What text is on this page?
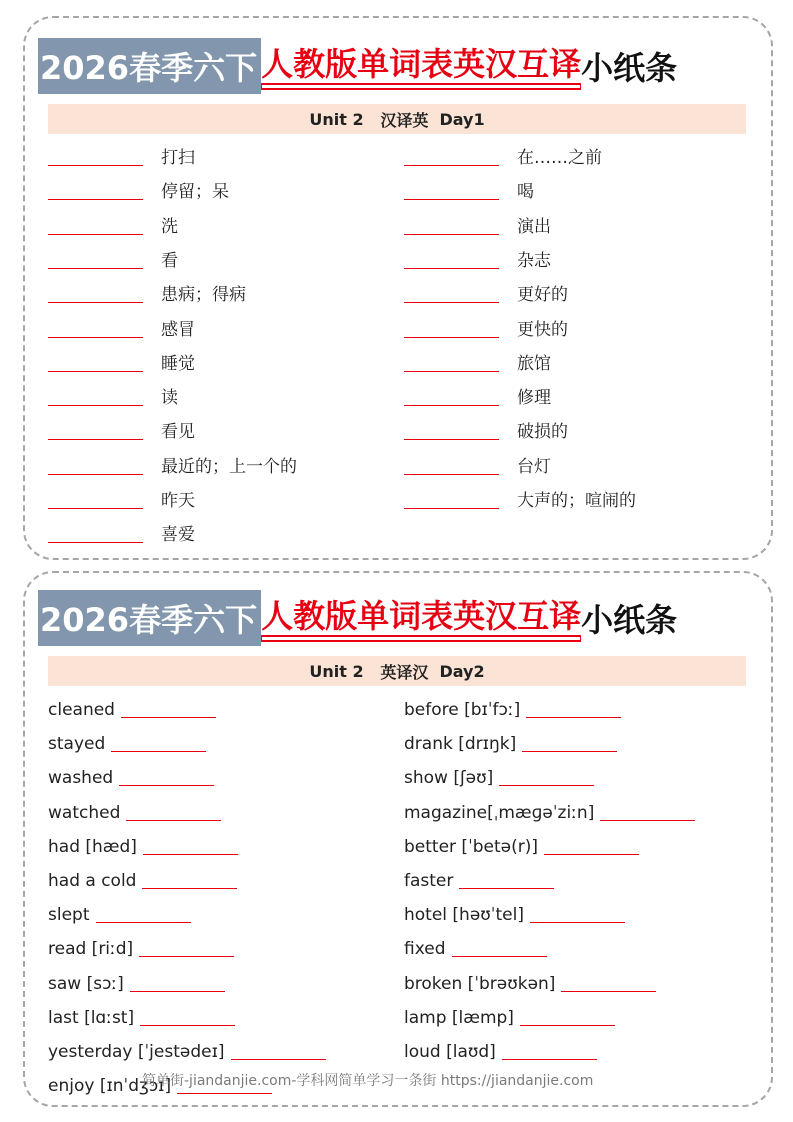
2026春季六下 人教版单词表英汉互译 小纸条
Unit 2
汉译英
Day1
打扫
停留；呆
洗
看
患病；得病
感冒
睡觉
读
看见
最近的；上一个的
昨天
喜爱
在……之前
喝
演出
杂志
更好的
更快的
旅馆
修理
破损的
台灯
大声的；喧闹的
2026春季六下 人教版单词表英汉互译 小纸条
Unit 2
英译汉
Day2
cleaned
stayed
washed
watched
had [hæd]
had a cold
slept
read [riːd]
saw [sɔː]
last [lɑːst]
yesterday [ˈjestədeɪ]
enjoy [ɪnˈdʒɔɪ]
before [bɪˈfɔː]
drank [drɪŋk]
show [ʃəʊ]
magazine[ˌmæɡəˈziːn]
better [ˈbetə(r)]
faster
hotel [həʊˈtel]
fixed
broken [ˈbrəʊkən]
lamp [læmp]
loud [laʊd]
简单街-jiandanjie.com-学科网简单学习一条街 https://jiandanjie.com
